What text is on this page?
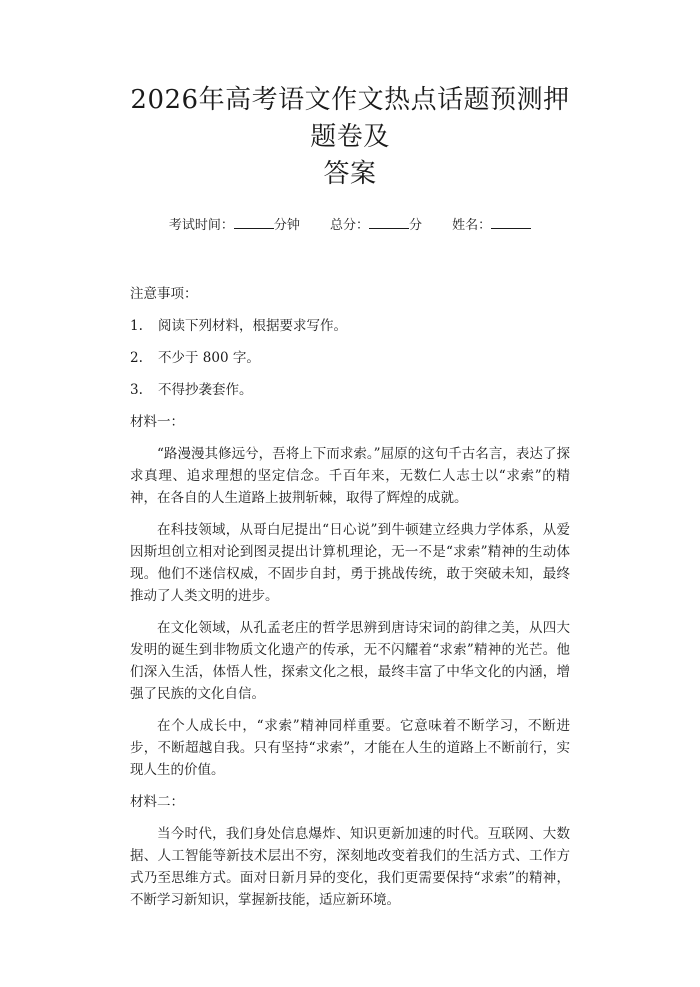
2026年高考语文作文热点话题预测押题卷及
答案
考试时间：	分钟 总分：	分 姓名：

注意事项：

1. 阅读下列材料，根据要求写作。
2. 不少于 800 字。
3. 不得抄袭套作。

材料一：

“路漫漫其修远兮，吾将上下而求索。”屈原的这句千古名言，表达了探求真理、追求理想的坚定信念。千百年来，无数仁人志士以“求索”的精神，在各自的人生道路上披荆斩棘，取得了辉煌的成就。

在科技领域，从哥白尼提出“日心说”到牛顿建立经典力学体系，从爱因斯坦创立相对论到图灵提出计算机理论，无一不是“求索”精神的生动体现。他们不迷信权威，不固步自封，勇于挑战传统，敢于突破未知，最终推动了人类文明的进步。

在文化领域，从孔孟老庄的哲学思辨到唐诗宋词的韵律之美，从四大发明的诞生到非物质文化遗产的传承，无不闪耀着“求索”精神的光芒。他们深入生活，体悟人性，探索文化之根，最终丰富了中华文化的内涵，增强了民族的文化自信。

在个人成长中，“求索”精神同样重要。它意味着不断学习，不断进步，不断超越自我。只有坚持“求索”，才能在人生的道路上不断前行，实现人生的价值。

材料二：

当今时代，我们身处信息爆炸、知识更新加速的时代。互联网、大数据、人工智能等新技术层出不穷，深刻地改变着我们的生活方式、工作方式乃至思维方式。面对日新月异的变化，我们更需要保持“求索”的精神，不断学习新知识，掌握新技能，适应新环境。
